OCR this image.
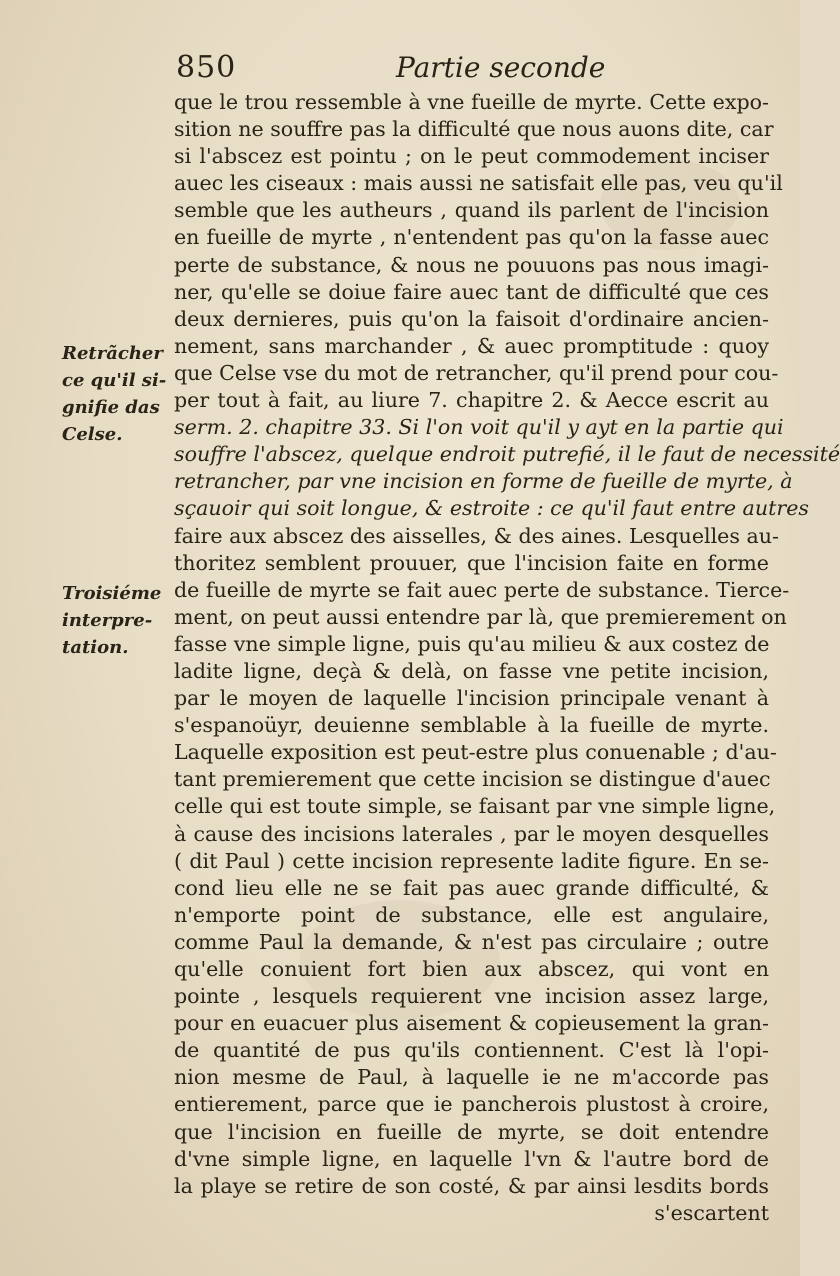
850	Partie seconde
Retrãcher
ce qu'il si-
gnifie das
Celse.
Troisiéme
interpre-
tation.
que le trou ressemble à vne fueille de myrte. Cette expo-
sition ne souffre pas la difficulté que nous auons dite, car
si l'abscez est pointu ; on le peut commodement inciser
auec les ciseaux : mais aussi ne satisfait elle pas, veu qu'il
semble que les autheurs , quand ils parlent de l'incision
en fueille de myrte , n'entendent pas qu'on la fasse auec
perte de substance, & nous ne pouuons pas nous imagi-
ner, qu'elle se doiue faire auec tant de difficulté que ces
deux dernieres, puis qu'on la faisoit d'ordinaire ancien-
nement, sans marchander , & auec promptitude : quoy
que Celse vse du mot de retrancher, qu'il prend pour cou-
per tout à fait, au liure 7. chapitre 2. & Aecce escrit au
serm. 2. chapitre 33. Si l'on voit qu'il y ayt en la partie qui
souffre l'abscez, quelque endroit putrefié, il le faut de necessité
retrancher, par vne incision en forme de fueille de myrte, à
sçauoir qui soit longue, & estroite : ce qu'il faut entre autres
faire aux abscez des aisselles, & des aines. Lesquelles au-
thoritez semblent prouuer, que l'incision faite en forme
de fueille de myrte se fait auec perte de substance. Tierce-
ment, on peut aussi entendre par là, que premierement on
fasse vne simple ligne, puis qu'au milieu & aux costez de
ladite ligne, deçà & delà, on fasse vne petite incision,
par le moyen de laquelle l'incision principale venant à
s'espanoüyr, deuienne semblable à la fueille de myrte.
Laquelle exposition est peut-estre plus conuenable ; d'au-
tant premierement que cette incision se distingue d'auec
celle qui est toute simple, se faisant par vne simple ligne,
à cause des incisions laterales , par le moyen desquelles
( dit Paul ) cette incision represente ladite figure. En se-
cond lieu elle ne se fait pas auec grande difficulté, &
n'emporte point de substance, elle est angulaire,
comme Paul la demande, & n'est pas circulaire ; outre
qu'elle conuient fort bien aux abscez, qui vont en
pointe , lesquels requierent vne incision assez large,
pour en euacuer plus aisement & copieusement la gran-
de quantité de pus qu'ils contiennent. C'est là l'opi-
nion mesme de Paul, à laquelle ie ne m'accorde pas
entierement, parce que ie pancherois plustost à croire,
que l'incision en fueille de myrte, se doit entendre
d'vne simple ligne, en laquelle l'vn & l'autre bord de
la playe se retire de son costé, & par ainsi lesdits bords
s'escartent
